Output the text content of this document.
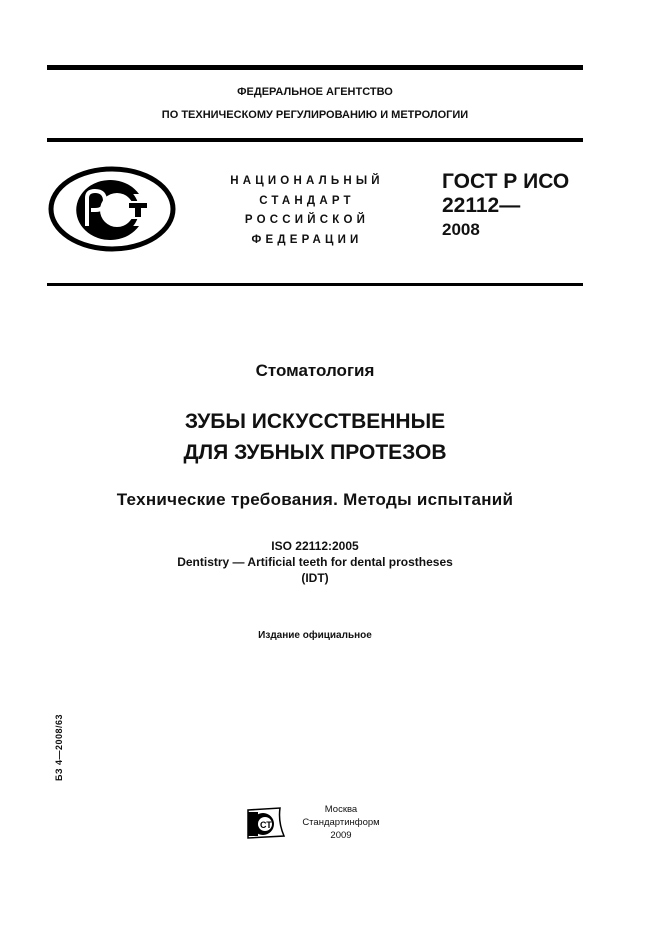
ФЕДЕРАЛЬНОЕ АГЕНТСТВО
ПО ТЕХНИЧЕСКОМУ РЕГУЛИРОВАНИЮ И МЕТРОЛОГИИ
НАЦИОНАЛЬНЫЙ
СТАНДАРТ
РОССИЙСКОЙ
ФЕДЕРАЦИИ
ГОСТ Р ИСО
22112—
2008
Стоматология
ЗУБЫ ИСКУССТВЕННЫЕ
ДЛЯ ЗУБНЫХ ПРОТЕЗОВ
Технические требования. Методы испытаний
ISO 22112:2005
Dentistry — Artificial teeth for dental prostheses
(IDT)
Издание официальное
БЗ 4—2008/63
СТ
Москва
Стандартинформ
2009
